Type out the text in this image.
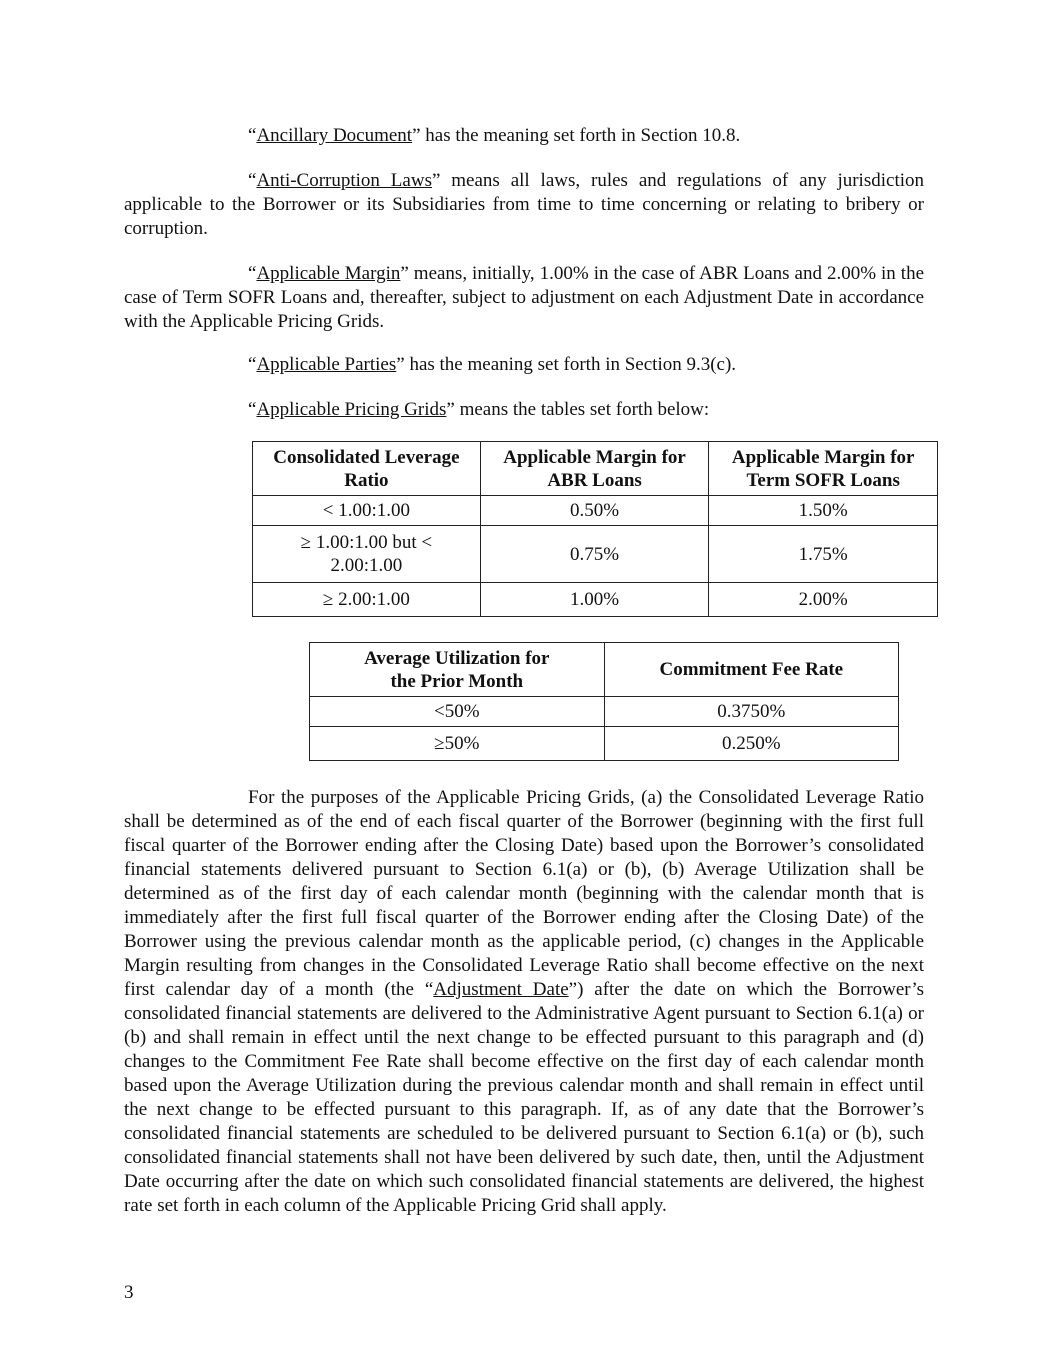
“Ancillary Document” has the meaning set forth in Section 10.8.

“Anti-Corruption Laws” means all laws, rules and regulations of any jurisdiction applicable to the Borrower or its Subsidiaries from time to time concerning or relating to bribery or corruption.

“Applicable Margin” means, initially, 1.00% in the case of ABR Loans and 2.00% in the case of Term SOFR Loans and, thereafter, subject to adjustment on each Adjustment Date in accordance with the Applicable Pricing Grids.

“Applicable Parties” has the meaning set forth in Section 9.3(c).

“Applicable Pricing Grids” means the tables set forth below:

Consolidated Leverage Ratio	Applicable Margin for ABR Loans	Applicable Margin for Term SOFR Loans
< 1.00:1.00	0.50%	1.50%
≥ 1.00:1.00 but < 2.00:1.00	0.75%	1.75%
≥ 2.00:1.00	1.00%	2.00%
Average Utilization for the Prior Month	Commitment Fee Rate
<50%	0.3750%
≥50%	0.250%

For the purposes of the Applicable Pricing Grids, (a) the Consolidated Leverage Ratio shall be determined as of the end of each fiscal quarter of the Borrower (beginning with the first full fiscal quarter of the Borrower ending after the Closing Date) based upon the Borrower’s consolidated financial statements delivered pursuant to Section 6.1(a) or (b), (b) Average Utilization shall be determined as of the first day of each calendar month (beginning with the calendar month that is immediately after the first full fiscal quarter of the Borrower ending after the Closing Date) of the Borrower using the previous calendar month as the applicable period, (c) changes in the Applicable Margin resulting from changes in the Consolidated Leverage Ratio shall become effective on the next first calendar day of a month (the “Adjustment Date”) after the date on which the Borrower’s consolidated financial statements are delivered to the Administrative Agent pursuant to Section 6.1(a) or (b) and shall remain in effect until the next change to be effected pursuant to this paragraph and (d) changes to the Commitment Fee Rate shall become effective on the first day of each calendar month based upon the Average Utilization during the previous calendar month and shall remain in effect until the next change to be effected pursuant to this paragraph. If, as of any date that the Borrower’s consolidated financial statements are scheduled to be delivered pursuant to Section 6.1(a) or (b), such consolidated financial statements shall not have been delivered by such date, then, until the Adjustment Date occurring after the date on which such consolidated financial statements are delivered, the highest rate set forth in each column of the Applicable Pricing Grid shall apply.

3
